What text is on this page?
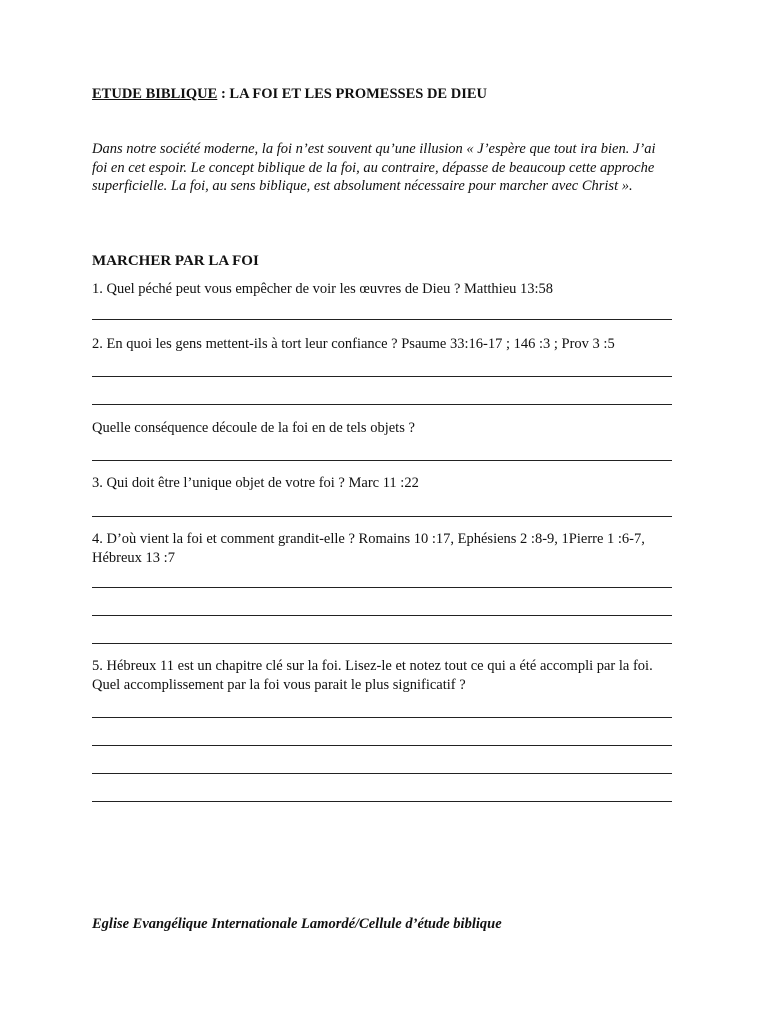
ETUDE BIBLIQUE : LA FOI ET LES PROMESSES DE DIEU
Dans notre société moderne, la foi n’est souvent qu’une illusion « J’espère que tout ira bien. J’ai foi en cet espoir. Le concept biblique de la foi, au contraire, dépasse de beaucoup cette approche superficielle. La foi, au sens biblique, est absolument nécessaire pour marcher avec Christ ».
MARCHER PAR LA FOI
1. Quel péché peut vous empêcher de voir les œuvres de Dieu ? Matthieu 13:58
2. En quoi les gens mettent-ils à tort leur confiance ? Psaume 33:16-17 ; 146 :3 ; Prov 3 :5
Quelle conséquence découle de la foi en de tels objets ?
3. Qui doit être l’unique objet de votre foi ? Marc 11 :22
4. D’où vient la foi et comment grandit-elle ? Romains 10 :17, Ephésiens 2 :8-9, 1Pierre 1 :6-7, Hébreux 13 :7
5. Hébreux 11 est un chapitre clé sur la foi. Lisez-le et notez tout ce qui a été accompli par la foi. Quel accomplissement par la foi vous parait le plus significatif ?
Eglise Evangélique Internationale Lamordé/Cellule d’étude biblique
